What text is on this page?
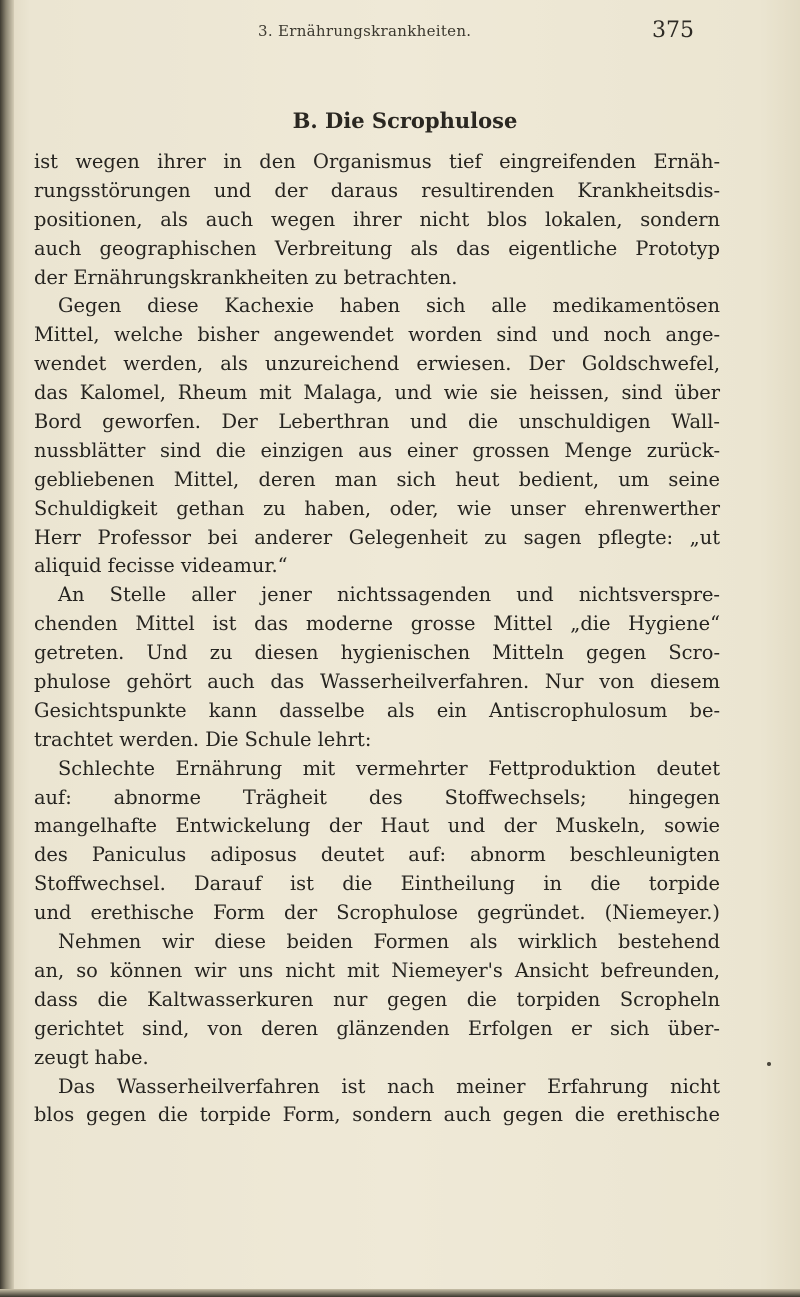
3. Ernährungskrankheiten.	375
B. Die Scrophulose
ist wegen ihrer in den Organismus tief eingreifenden Ernäh-
rungsstörungen und der daraus resultirenden Krankheitsdis-
positionen, als auch wegen ihrer nicht blos lokalen, sondern
auch geographischen Verbreitung als das eigentliche Prototyp
der Ernährungskrankheiten zu betrachten.
Gegen diese Kachexie haben sich alle medikamentösen
Mittel, welche bisher angewendet worden sind und noch ange-
wendet werden, als unzureichend erwiesen. Der Goldschwefel,
das Kalomel, Rheum mit Malaga, und wie sie heissen, sind über
Bord geworfen. Der Leberthran und die unschuldigen Wall-
nussblätter sind die einzigen aus einer grossen Menge zurück-
gebliebenen Mittel, deren man sich heut bedient, um seine
Schuldigkeit gethan zu haben, oder, wie unser ehrenwerther
Herr Professor bei anderer Gelegenheit zu sagen pflegte: „ut
aliquid fecisse videamur.“
An Stelle aller jener nichtssagenden und nichtsverspre-
chenden Mittel ist das moderne grosse Mittel „die Hygiene“
getreten. Und zu diesen hygienischen Mitteln gegen Scro-
phulose gehört auch das Wasserheilverfahren. Nur von diesem
Gesichtspunkte kann dasselbe als ein Antiscrophulosum be-
trachtet werden. Die Schule lehrt:
Schlechte Ernährung mit vermehrter Fettproduktion deutet
auf: abnorme Trägheit des Stoffwechsels; hingegen
mangelhafte Entwickelung der Haut und der Muskeln, sowie
des Paniculus adiposus deutet auf: abnorm beschleunigten
Stoffwechsel. Darauf ist die Eintheilung in die torpide
und erethische Form der Scrophulose gegründet. (Niemeyer.)
Nehmen wir diese beiden Formen als wirklich bestehend
an, so können wir uns nicht mit Niemeyer's Ansicht befreunden,
dass die Kaltwasserkuren nur gegen die torpiden Scropheln
gerichtet sind, von deren glänzenden Erfolgen er sich über-
zeugt habe.
Das Wasserheilverfahren ist nach meiner Erfahrung nicht
blos gegen die torpide Form, sondern auch gegen die erethische
